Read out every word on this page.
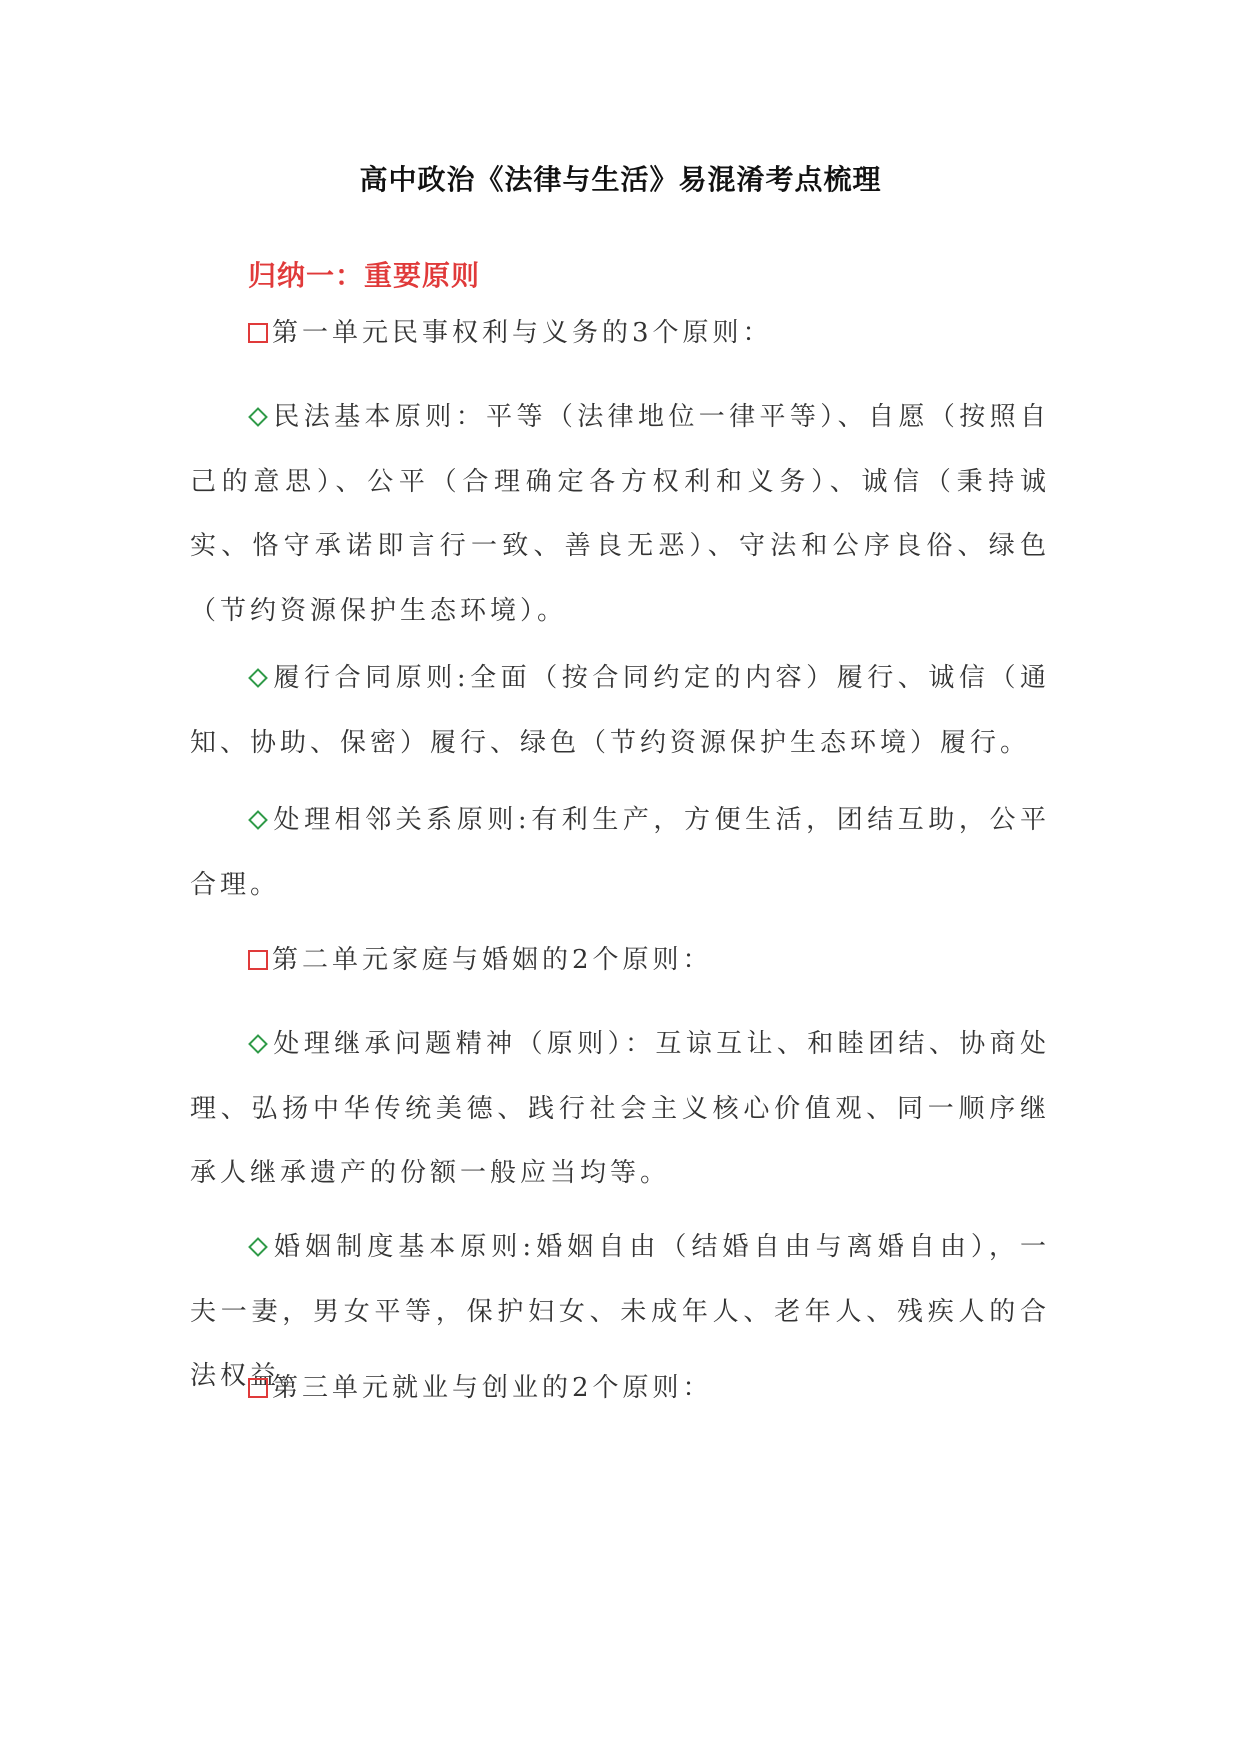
高中政治《法律与生活》易混淆考点梳理
归纳一：重要原则
第一单元民事权利与义务的3个原则：
民法基本原则：平等（法律地位一律平等）、自愿（按照自己的意思）、公平（合理确定各方权利和义务）、诚信（秉持诚实、恪守承诺即言行一致、善良无恶）、守法和公序良俗、绿色（节约资源保护生态环境）。
履行合同原则:全面（按合同约定的内容）履行、诚信（通知、协助、保密）履行、绿色（节约资源保护生态环境）履行。
处理相邻关系原则:有利生产，方便生活，团结互助，公平合理。
第二单元家庭与婚姻的2个原则：
处理继承问题精神（原则）：互谅互让、和睦团结、协商处理、弘扬中华传统美德、践行社会主义核心价值观、同一顺序继承人继承遗产的份额一般应当均等。
婚姻制度基本原则:婚姻自由（结婚自由与离婚自由），一夫一妻，男女平等，保护妇女、未成年人、老年人、残疾人的合法权益。
第三单元就业与创业的2个原则：
